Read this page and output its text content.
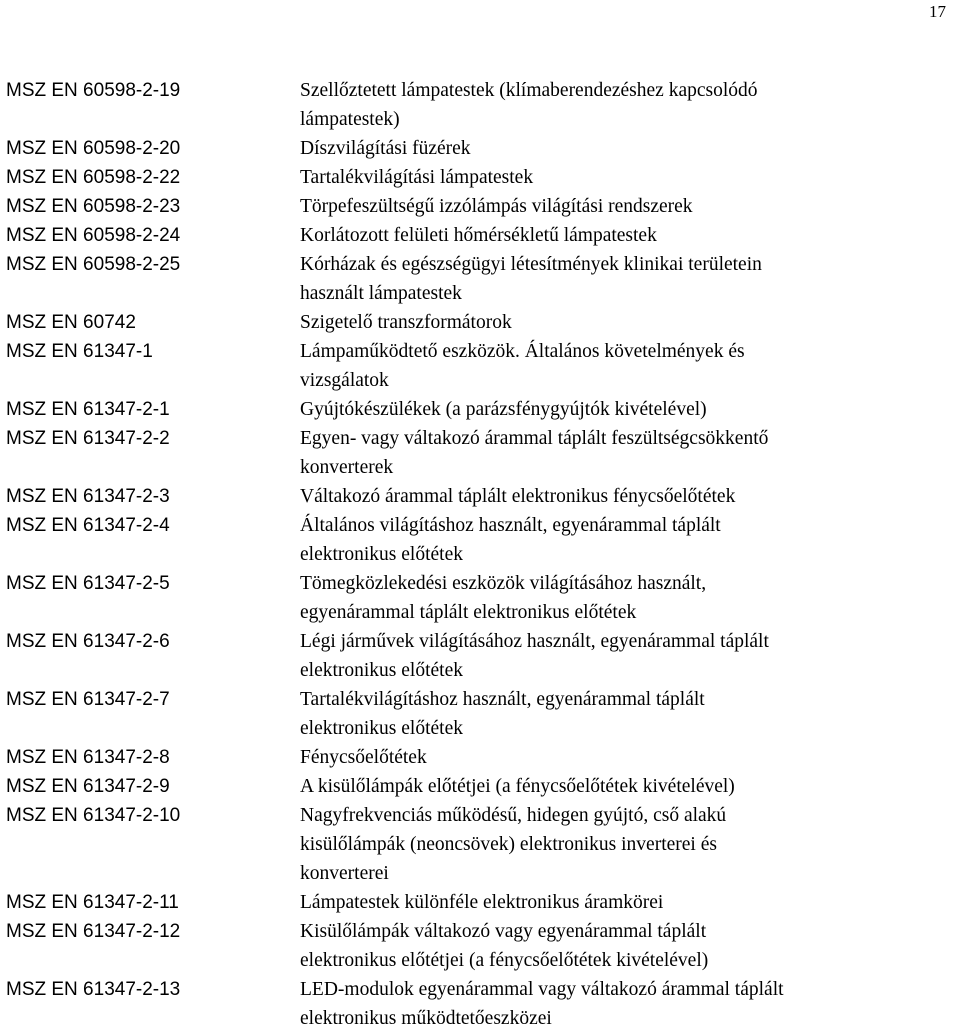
17
MSZ EN 60598-2-19	Szellőztetett lámpatestek (klímaberendezéshez kapcsolódó
lámpatestek)
MSZ EN 60598-2-20	Díszvilágítási füzérek
MSZ EN 60598-2-22	Tartalékvilágítási lámpatestek
MSZ EN 60598-2-23	Törpefeszültségű izzólámpás világítási rendszerek
MSZ EN 60598-2-24	Korlátozott felületi hőmérsékletű lámpatestek
MSZ EN 60598-2-25	Kórházak és egészségügyi létesítmények klinikai területein
használt lámpatestek
MSZ EN 60742	Szigetelő transzformátorok
MSZ EN 61347-1	Lámpaműködtető eszközök. Általános követelmények és
vizsgálatok
MSZ EN 61347-2-1	Gyújtókészülékek (a parázsfénygyújtók kivételével)
MSZ EN 61347-2-2	Egyen- vagy váltakozó árammal táplált feszültségcsökkentő
konverterek
MSZ EN 61347-2-3	Váltakozó árammal táplált elektronikus fénycsőelőtétek
MSZ EN 61347-2-4	Általános világításhoz használt, egyenárammal táplált
elektronikus előtétek
MSZ EN 61347-2-5	Tömegközlekedési eszközök világításához használt,
egyenárammal táplált elektronikus előtétek
MSZ EN 61347-2-6	Légi járművek világításához használt, egyenárammal táplált
elektronikus előtétek
MSZ EN 61347-2-7	Tartalékvilágításhoz használt, egyenárammal táplált
elektronikus előtétek
MSZ EN 61347-2-8	Fénycsőelőtétek
MSZ EN 61347-2-9	A kisülőlámpák előtétjei (a fénycsőelőtétek kivételével)
MSZ EN 61347-2-10	Nagyfrekvenciás működésű, hidegen gyújtó, cső alakú
kisülőlámpák (neoncsövek) elektronikus inverterei és
konverterei
MSZ EN 61347-2-11	Lámpatestek különféle elektronikus áramkörei
MSZ EN 61347-2-12	Kisülőlámpák váltakozó vagy egyenárammal táplált
elektronikus előtétjei (a fénycsőelőtétek kivételével)
MSZ EN 61347-2-13	LED-modulok egyenárammal vagy váltakozó árammal táplált
elektronikus működtetőeszközei
